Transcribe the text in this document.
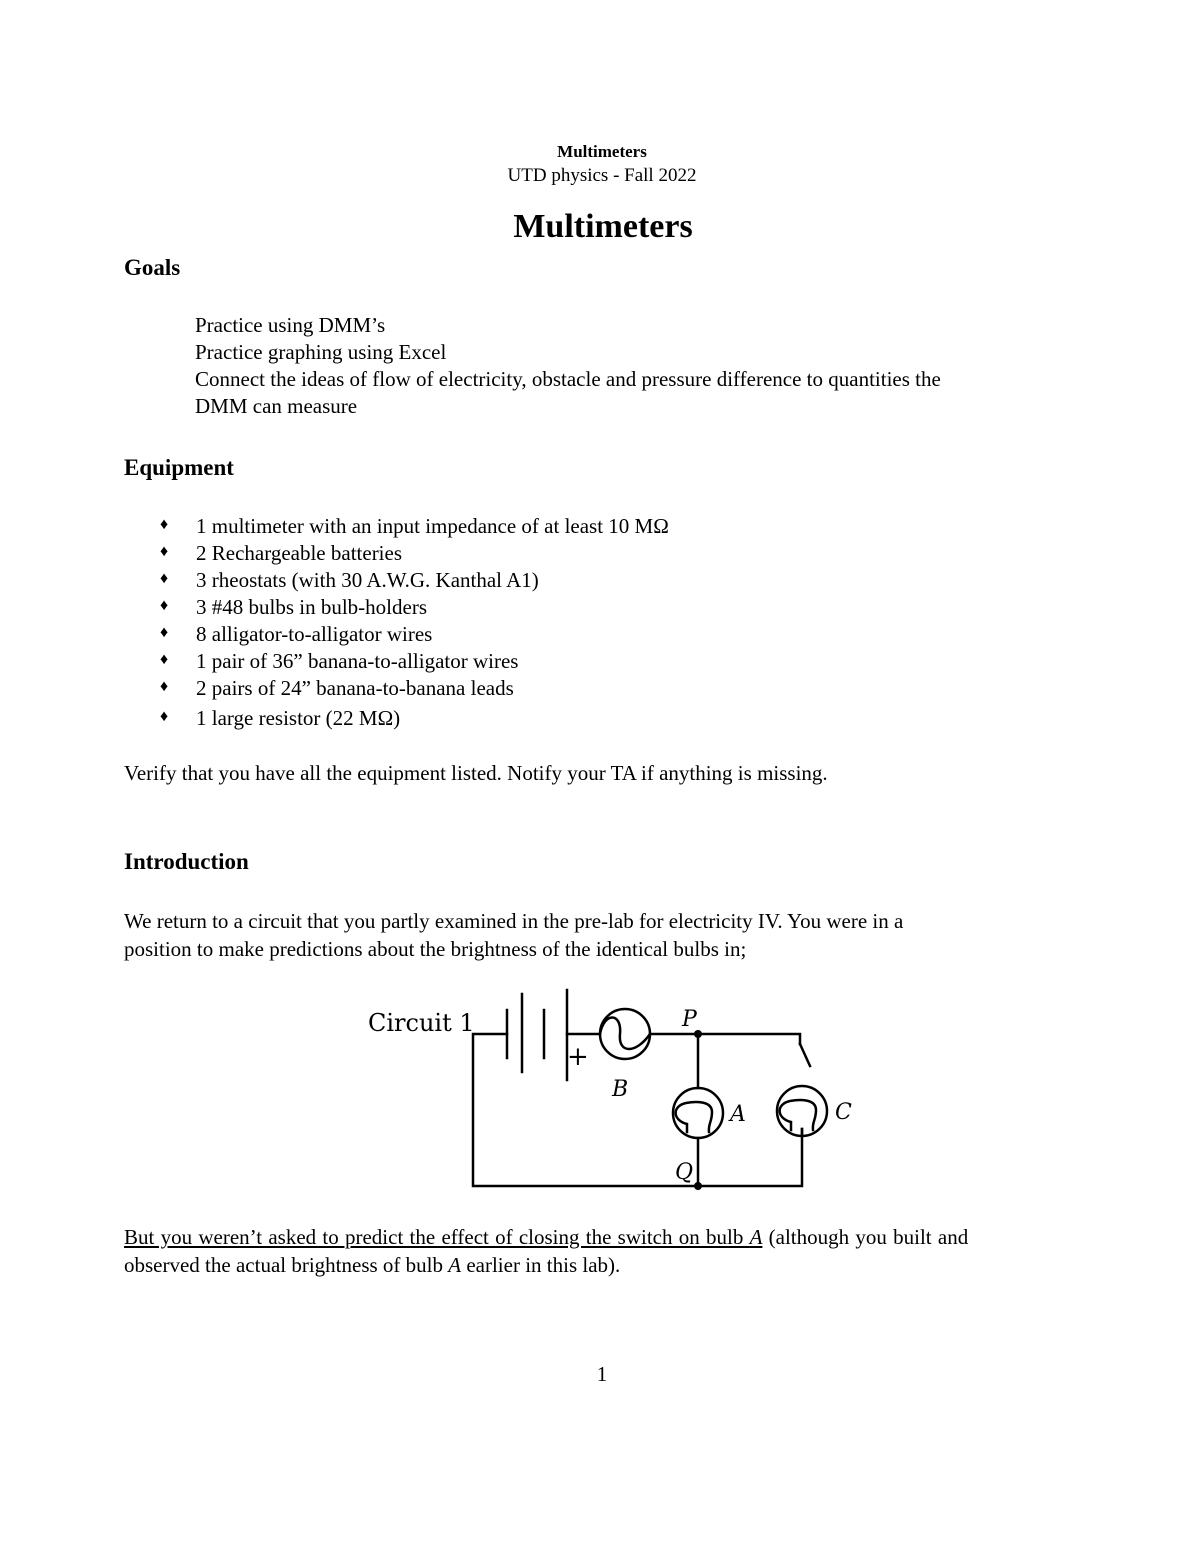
Multimeters
UTD physics - Fall 2022
Multimeters
Goals
Practice using DMM’s
Practice graphing using Excel
Connect the ideas of flow of electricity, obstacle and pressure difference to quantities the
DMM can measure
Equipment
♦ 1 multimeter with an input impedance of at least 10 MΩ
♦ 2 Rechargeable batteries
♦ 3 rheostats (with 30 A.W.G. Kanthal A1)
♦ 3 #48 bulbs in bulb-holders
♦ 8 alligator-to-alligator wires
♦ 1 pair of 36” banana-to-alligator wires
♦ 2 pairs of 24” banana-to-banana leads
♦ 1 large resistor (22 MΩ)
Verify that you have all the equipment listed. Notify your TA if anything is missing.
Introduction
We return to a circuit that you partly examined in the pre-lab for electricity IV. You were in a
position to make predictions about the brightness of the identical bulbs in;
Circuit 1
+
P
B
A	C
Q
But you weren’t asked to predict the effect of closing the switch on bulb A (although you built and
observed the actual brightness of bulb A earlier in this lab).
1
